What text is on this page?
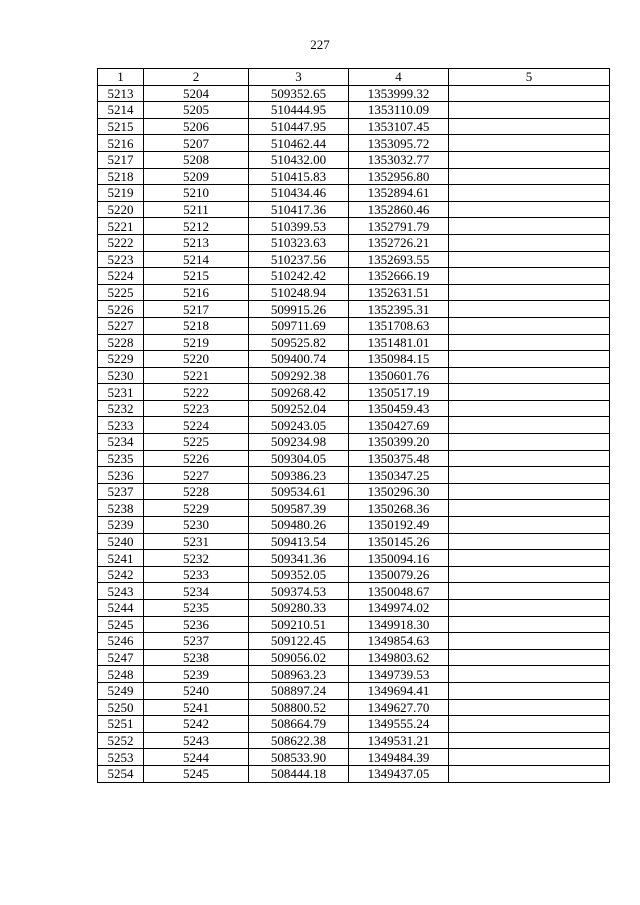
227
1	2	3	4	5
5213	5204	509352.65	1353999.32	
5214	5205	510444.95	1353110.09	
5215	5206	510447.95	1353107.45	
5216	5207	510462.44	1353095.72	
5217	5208	510432.00	1353032.77	
5218	5209	510415.83	1352956.80	
5219	5210	510434.46	1352894.61	
5220	5211	510417.36	1352860.46	
5221	5212	510399.53	1352791.79	
5222	5213	510323.63	1352726.21	
5223	5214	510237.56	1352693.55	
5224	5215	510242.42	1352666.19	
5225	5216	510248.94	1352631.51	
5226	5217	509915.26	1352395.31	
5227	5218	509711.69	1351708.63	
5228	5219	509525.82	1351481.01	
5229	5220	509400.74	1350984.15	
5230	5221	509292.38	1350601.76	
5231	5222	509268.42	1350517.19	
5232	5223	509252.04	1350459.43	
5233	5224	509243.05	1350427.69	
5234	5225	509234.98	1350399.20	
5235	5226	509304.05	1350375.48	
5236	5227	509386.23	1350347.25	
5237	5228	509534.61	1350296.30	
5238	5229	509587.39	1350268.36	
5239	5230	509480.26	1350192.49	
5240	5231	509413.54	1350145.26	
5241	5232	509341.36	1350094.16	
5242	5233	509352.05	1350079.26	
5243	5234	509374.53	1350048.67	
5244	5235	509280.33	1349974.02	
5245	5236	509210.51	1349918.30	
5246	5237	509122.45	1349854.63	
5247	5238	509056.02	1349803.62	
5248	5239	508963.23	1349739.53	
5249	5240	508897.24	1349694.41	
5250	5241	508800.52	1349627.70	
5251	5242	508664.79	1349555.24	
5252	5243	508622.38	1349531.21	
5253	5244	508533.90	1349484.39	
5254	5245	508444.18	1349437.05	
